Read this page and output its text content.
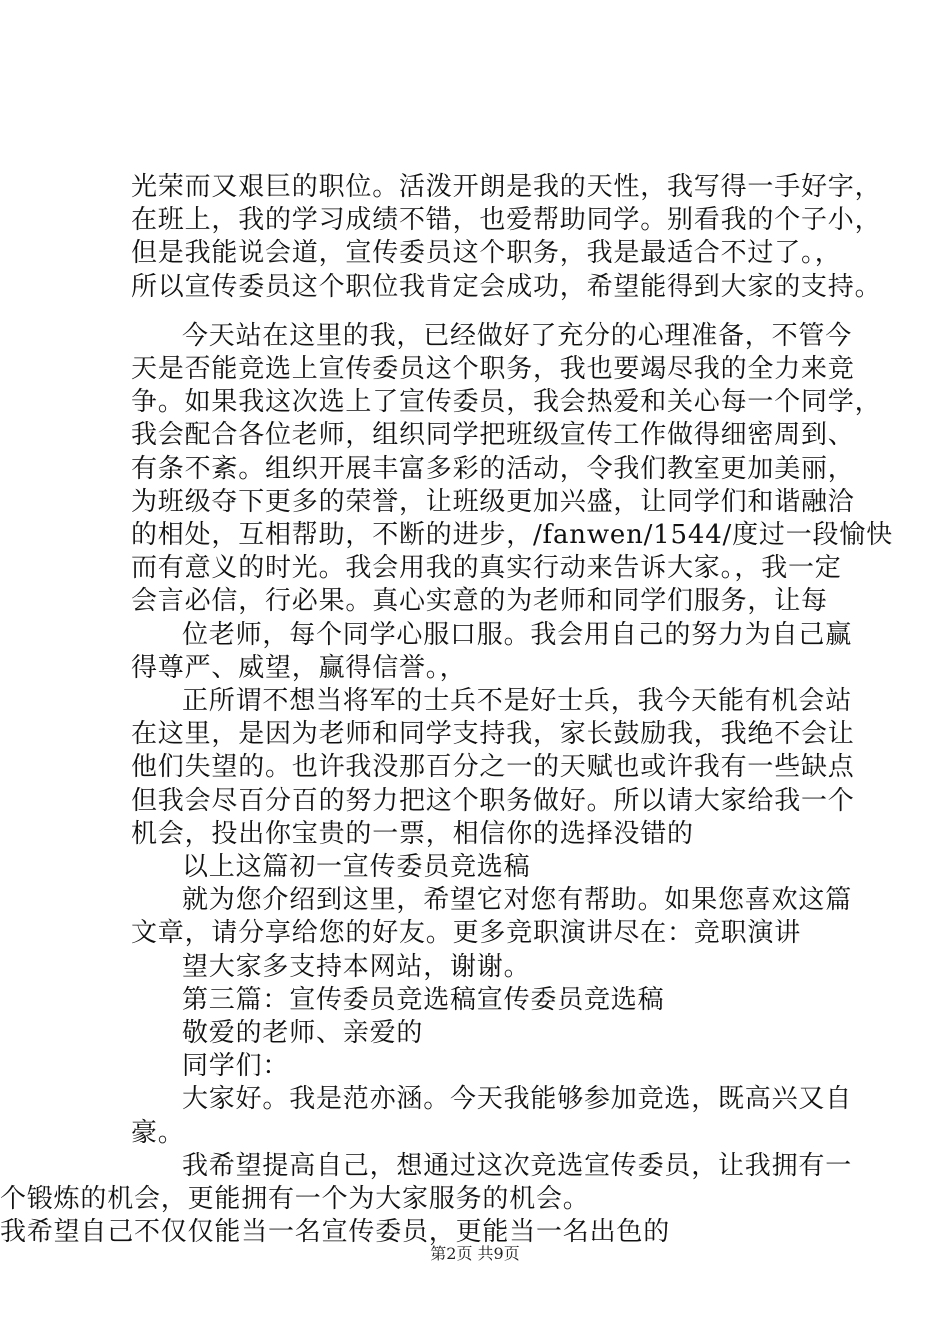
光荣而又艰巨的职位。活泼开朗是我的天性，我写得一手好字，
在班上，我的学习成绩不错，也爱帮助同学。别看我的个子小，
但是我能说会道，宣传委员这个职务，我是最适合不过了。，
所以宣传委员这个职位我肯定会成功，希望能得到大家的支持。
今天站在这里的我，已经做好了充分的心理准备，不管今
天是否能竞选上宣传委员这个职务，我也要竭尽我的全力来竞
争。如果我这次选上了宣传委员，我会热爱和关心每一个同学，
我会配合各位老师，组织同学把班级宣传工作做得细密周到、
有条不紊。组织开展丰富多彩的活动，令我们教室更加美丽，
为班级夺下更多的荣誉，让班级更加兴盛，让同学们和谐融洽
的相处，互相帮助，不断的进步，/fanwen/1544/度过一段愉快
而有意义的时光。我会用我的真实行动来告诉大家。，我一定
会言必信，行必果。真心实意的为老师和同学们服务，让每
位老师，每个同学心服口服。我会用自己的努力为自己赢
得尊严、威望，赢得信誉。，
正所谓不想当将军的士兵不是好士兵，我今天能有机会站
在这里，是因为老师和同学支持我，家长鼓励我，我绝不会让
他们失望的。也许我没那百分之一的天赋也或许我有一些缺点
但我会尽百分百的努力把这个职务做好。所以请大家给我一个
机会，投出你宝贵的一票，相信你的选择没错的
以上这篇初一宣传委员竞选稿
就为您介绍到这里，希望它对您有帮助。如果您喜欢这篇
文章，请分享给您的好友。更多竞职演讲尽在：竞职演讲
望大家多支持本网站，谢谢。
第三篇：宣传委员竞选稿宣传委员竞选稿
敬爱的老师、亲爱的
同学们：
大家好。我是范亦涵。今天我能够参加竞选，既高兴又自
豪。
我希望提高自己，想通过这次竞选宣传委员，让我拥有一
第2页 共9页
个锻炼的机会，更能拥有一个为大家服务的机会。
我希望自己不仅仅能当一名宣传委员，更能当一名出色的
